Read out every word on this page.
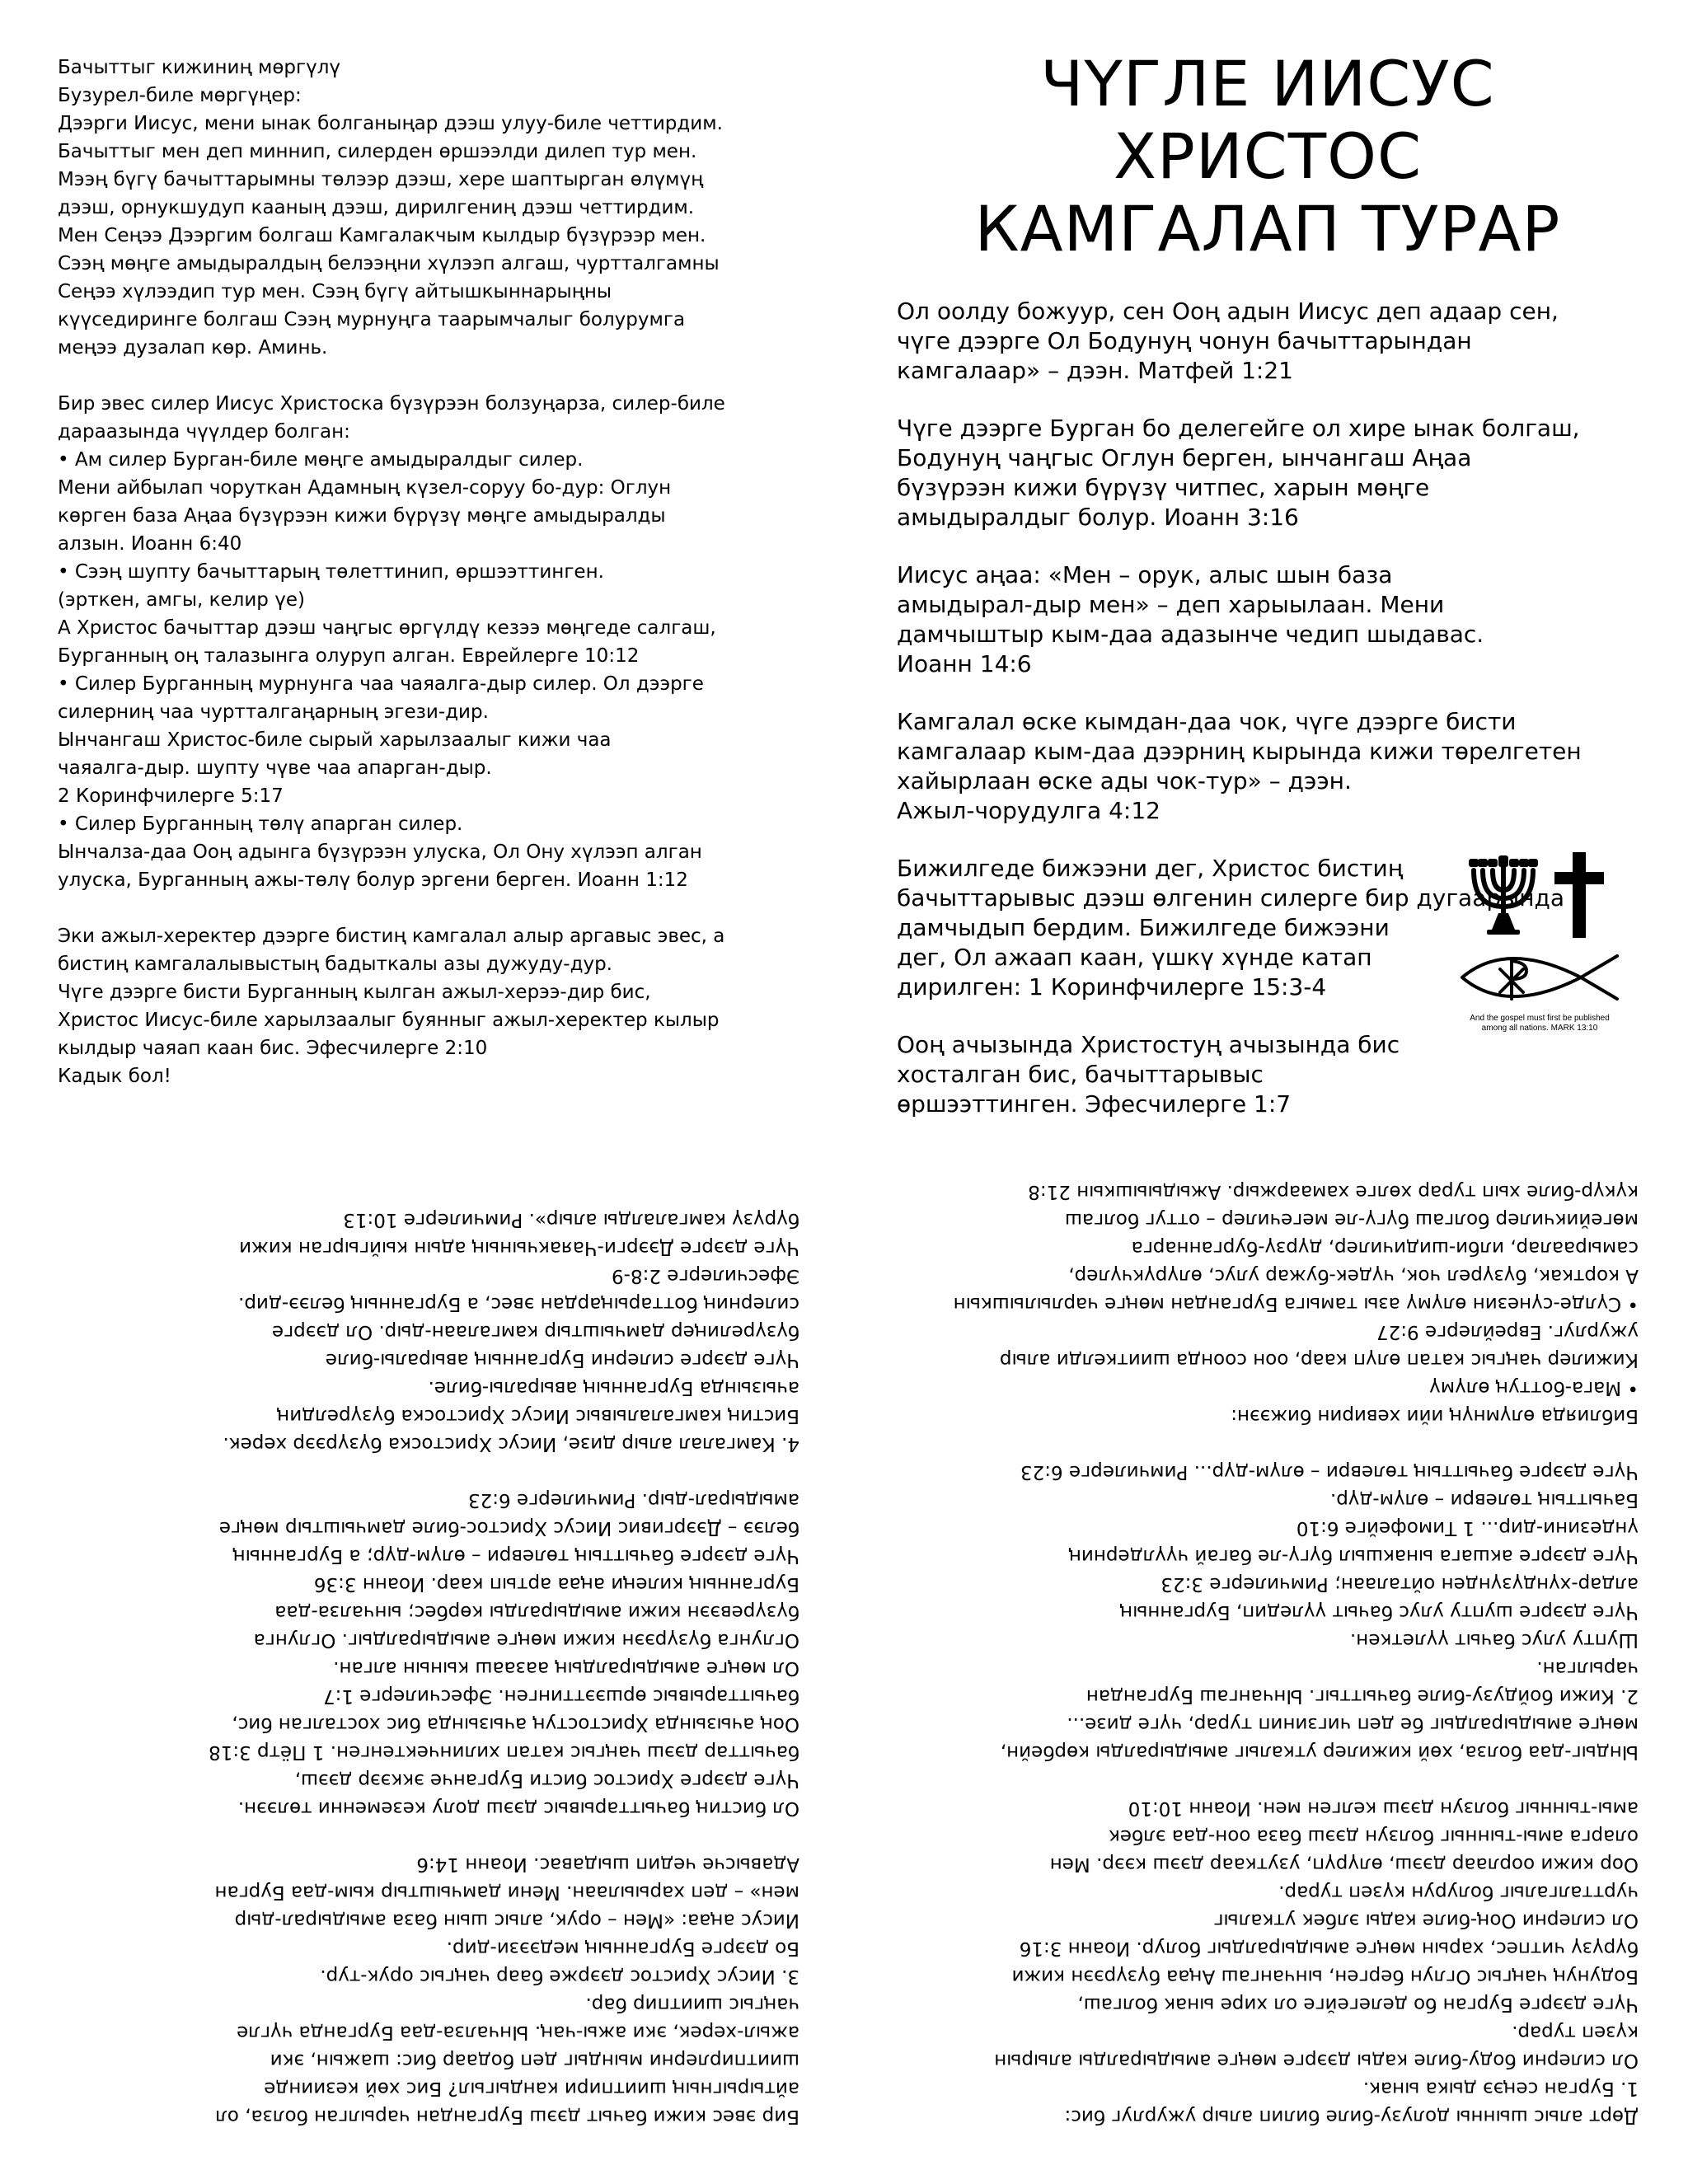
Бачыттыг кижиниң мөргүлү
Бузурел-биле мөргүңер:
Дээрги Иисус, мени ынак болганыңар дээш улуу-биле четтирдим.
Бачыттыг мен деп миннип, силерден өршээлди дилеп тур мен.
Мээң бүгү бачыттарымны төлээр дээш, хере шаптырган өлүмүң
дээш, орнукшудуп кааның дээш, дирилгениң дээш четтирдим.
Мен Сеңээ Дээргим болгаш Камгалакчым кылдыр бүзүрээр мен.
Сээң мөңге амыдыралдың белээңни хүлээп алгаш, чуртталгамны
Сеңээ хүлээдип тур мен. Сээң бүгү айтышкыннарыңны
күүседиринге болгаш Сээң мурнуңга таарымчалыг болурумга
меңээ дузалап көр. Аминь.

Бир эвес силер Иисус Христоска бүзүрээн болзуңарза, силер-биле
дараазында чүүлдер болган:
• Ам силер Бурган-биле мөңге амыдыралдыг силер.
Мени айбылап чоруткан Адамның күзел-соруу бо-дур: Оглун
көрген база Аңаа бүзүрээн кижи бүрүзү мөңге амыдыралды
алзын. Иоанн 6:40
• Сээң шупту бачыттарың төлеттинип, өршээттинген.
(эрткен, амгы, келир үе)
А Христос бачыттар дээш чаңгыс өргүлдү кезээ мөңгеде салгаш,
Бурганның оң талазынга олуруп алган. Еврейлерге 10:12
• Силер Бурганның мурнунга чаа чаяалга-дыр силер. Ол дээрге
силерниң чаа чуртталгаңарның эгези-дир.
Ынчангаш Христос-биле сырый харылзаалыг кижи чаа
чаяалга-дыр. шупту чүве чаа апарган-дыр.
2 Коринфчилерге 5:17
• Силер Бурганның төлү апарган силер.
Ынчалза-даа Ооң адынга бүзүрээн улуска, Ол Ону хүлээп алган
улуска, Бурганның ажы-төлү болур эргени берген. Иоанн 1:12

Эки ажыл-херектер дээрге бистиң камгалал алыр аргавыс эвес, а
бистиң камгалалывыстың бадыткалы азы дужуду-дур.
Чүге дээрге бисти Бурганның кылган ажыл-херээ-дир бис,
Христос Иисус-биле харылзаалыг буянныг ажыл-херектер кылыр
кылдыр чаяап каан бис. Эфесчилерге 2:10
Кадык бол!

ЧҮГЛЕ ИИСУС ХРИСТОС
КАМГАЛАП ТУРАР

Ол оолду божуур, сен Ооң адын Иисус деп адаар сен,
чүге дээрге Ол Бодунуң чонун бачыттарындан
камгалаар» – дээн. Матфей 1:21

Чүге дээрге Бурган бо делегейге ол хире ынак болгаш,
Бодунуң чаңгыс Оглун берген, ынчангаш Аңаа
бүзүрээн кижи бүрүзү читпес, харын мөңге
амыдыралдыг болур. Иоанн 3:16

Иисус аңаа: «Мен – орук, алыс шын база
амыдырал-дыр мен» – деп харыылаан. Мени
дамчыштыр кым-даа адазынче чедип шыдавас.
Иоанн 14:6

Камгалал өске кымдан-даа чок, чүге дээрге бисти
камгалаар кым-даа дээрниң кырында кижи төрелгетен
хайырлаан өске ады чок-тур» – дээн.
Ажыл-чорудулга 4:12

Бижилгеде бижээни дег, Христос бистиң
бачыттарывыс дээш өлгенин силерге бир дугаарында
дамчыдып бердим. Бижилгеде бижээни
дег, Ол ажаап каан, үшкү хүнде катап
дирилген: 1 Коринфчилерге 15:3-4

Ооң ачызында Христостуң ачызында бис
хосталган бис, бачыттарывыс
өршээттинген. Эфесчилерге 1:7

And the gospel must first be published
among all nations. MARK 13:10

Бир эвес кижи бачыт дээш Бургандан чарылган болза, ол
айтырыгның шиитпири кандыгыл? Бис хөй кезиинде
шиитпирлерни мындыг деп бодаар бис: шажын, эки
ажыл-херек, эки ажы-чаң. Ынчалза-даа Бурганда чүгле
чаңгыс шиитпир бар.
3. Иисус Христос дээрже баар чаңгыс орук-тур.
Бо дээрге Бурганның медээзи-дир.
Иисус аңаа: «Мен – орук, алыс шын база амыдырал-дыр
мен» – деп харыылаан. Мени дамчыштыр кым-даа Бурган
Адавысче чедип шыдавас. Иоанн 14:6

Ол бистиң бачыттарывыс дээш долу кеземенни төлээн.
Чүге дээрге Христос бисти Бурганче эккээр дээш,
бачыттар дээш чаңгыс катап хилинчектенген. 1 Пётр 3:18
Ооң ачызында Христостуң ачызында бис хосталган бис,
бачыттарывыс өршээттинген. Эфесчилерге 1:7
Ол мөңге амыдыралдың аазааш кынын алган.
Оглунга бүзүрээн кижи мөңге амыдыралдыг. Оглунга
бүзүревээн кижи амыдыралды көрбес; ынчалза-даа
Бурганның килеңи аңаа артып каар. Иоанн 3:36
Чүге дээрге бачыттың төлеври – өлүм-дүр; а Бурганның
белээ – Дээргивис Иисус Христос-биле дамчыштыр мөңге
амыдырал-дыр. Римчилерге 6:23

4. Камгалал алыр дизе, Иисус Христоска бүзүрээр херек.
Бистиң камгалалывыс Иисус Христоска бүзүрелдиң
ачызында Бурганның авыралы-биле.
Чүге дээрге силерни Бурганның авыралы-биле
бүзүрелиңер дамчыштыр камгалаан-дыр. Ол дээрге
силерниң боттарыңардан эвес, а Бурганның белээ-дир.
Эфесчилерге 2:8-9
Чүге дээрге Дээрги-Чаяакчының адын кыйгырган кижи
бүрүзү камгалалды алыр». Римчилерге 10:13

Дөрт алыс шынны долузу-биле билип алыр ужурлуг бис:
1. Бурган сеңээ дыка ынак.
Ол силерни боду-биле кады дээрге мөңге амыдыралды алырын
күзеп турар.
Чүге дээрге Бурган бо делегейге ол хире ынак болгаш,
Бодунуң чаңгыс Оглун берген, ынчангаш Аңаа бүзүрээн кижи
бүрүзү читпес, харын мөңге амыдыралдыг болур. Иоанн 3:16
Ол силерни Ооң-биле кады элбек уткалыг
чуртталгалыг болурун күзеп турар.
Оор кижи оорлаар дээш, өлүрүп, узуткаар дээш кээр. Мен
оларга амы-тынныг болзун дээш база оон-даа элбек
амы-тынныг болзун дээш келген мен. Иоанн 10:10

Ындыг-даа болза, хөй кижилер уткалыг амыдыралды көрбейн,
мөңге амыдыралдыг бе деп чигзинип турар, чүге дизе...
2. Кижи бойдузу-биле бачыттыг. Ынчангаш Бургандан
чарылган.
Шупту улус бачыт үүлеткен.
Чүге дээрге шупту улус бачыт үүледип, Бурганның
алдар-хүндүзүнден ойталаан; Римчилерге 3:23
Чүге дээрге акшага ынакшыл бүгү-ле багай чүүлдерниң
үндезини-дир... 1 Тимофейге 6:10
Бачыттың төлеври – өлүм-дүр.
Чүге дээрге бачыттың төлеври – өлүм-дүр... Римчилерге 6:23

Библияда өлүмнүң ийи хевирин бижээн:
• Мага-боттуң өлүмү
Кижилер чаңгыс катап өлүп каар, оон соонда шииткелди алыр
ужурлуг. Еврейлерге 9:27
• Сүлде-сүнезин өлүмү азы тамыга Бургандан мөңге чарлылышкын
А корткак, бүзүрел чок, чүдек-бужар улус, өлүрүкчүлер,
самыраалар, илби-шидичилер, дүрзү-бурганнарга
мөгейикчилер болгаш бүгү-ле мегечилер – оттуг болгаш
күкүр-биле хып турар хөлге хамааржыр. Ажыдыышкын 21:8
